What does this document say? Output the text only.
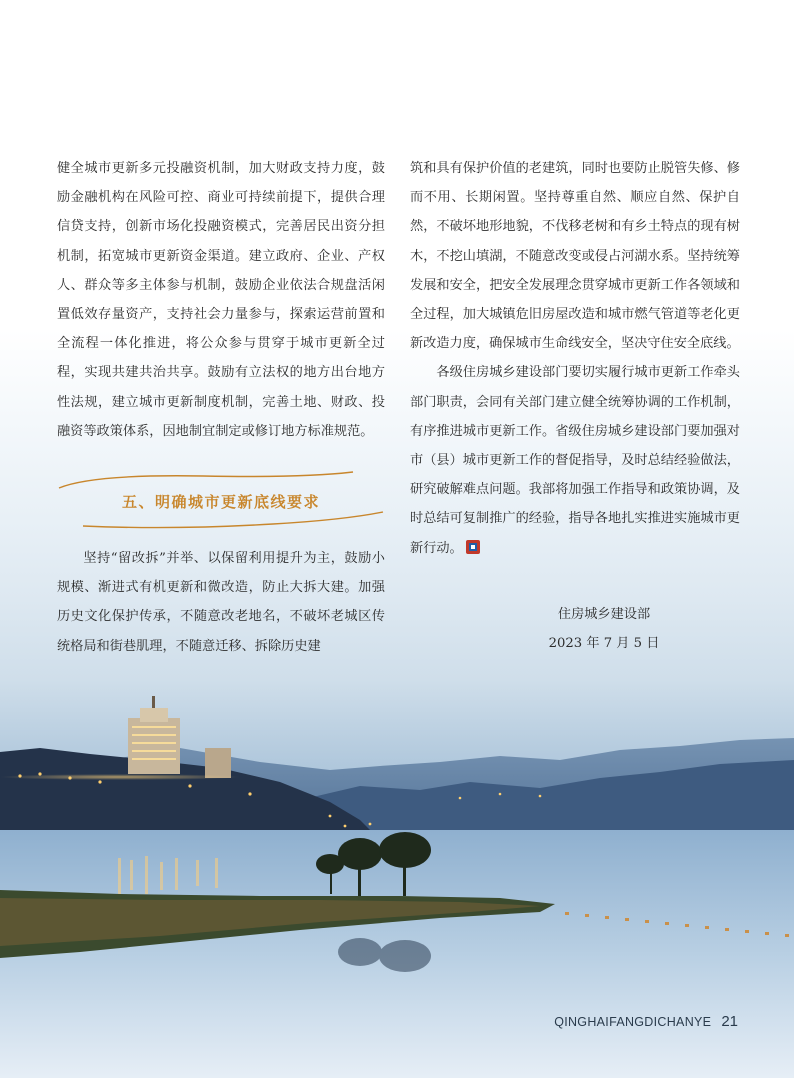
健全城市更新多元投融资机制，加大财政支持力度，鼓励金融机构在风险可控、商业可持续前提下，提供合理信贷支持，创新市场化投融资模式，完善居民出资分担机制，拓宽城市更新资金渠道。建立政府、企业、产权人、群众等多主体参与机制，鼓励企业依法合规盘活闲置低效存量资产，支持社会力量参与，探索运营前置和全流程一体化推进，将公众参与贯穿于城市更新全过程，实现共建共治共享。鼓励有立法权的地方出台地方性法规，建立城市更新制度机制，完善土地、财政、投融资等政策体系，因地制宜制定或修订地方标准规范。

五、明确城市更新底线要求

坚持“留改拆”并举、以保留利用提升为主，鼓励小规模、渐进式有机更新和微改造，防止大拆大建。加强历史文化保护传承，不随意改老地名，不破坏老城区传统格局和街巷肌理，不随意迁移、拆除历史建

筑和具有保护价值的老建筑，同时也要防止脱管失修、修而不用、长期闲置。坚持尊重自然、顺应自然、保护自然，不破坏地形地貌，不伐移老树和有乡土特点的现有树木，不挖山填湖，不随意改变或侵占河湖水系。坚持统筹发展和安全，把安全发展理念贯穿城市更新工作各领域和全过程，加大城镇危旧房屋改造和城市燃气管道等老化更新改造力度，确保城市生命线安全，坚决守住安全底线。

各级住房城乡建设部门要切实履行城市更新工作牵头部门职责，会同有关部门建立健全统筹协调的工作机制，有序推进城市更新工作。省级住房城乡建设部门要加强对市（县）城市更新工作的督促指导，及时总结经验做法，研究破解难点问题。我部将加强工作指导和政策协调，及时总结可复制推广的经验，指导各地扎实推进实施城市更新行动。

住房城乡建设部
2023 年 7 月 5 日
QINGHAIFANGDICHANYE 21
